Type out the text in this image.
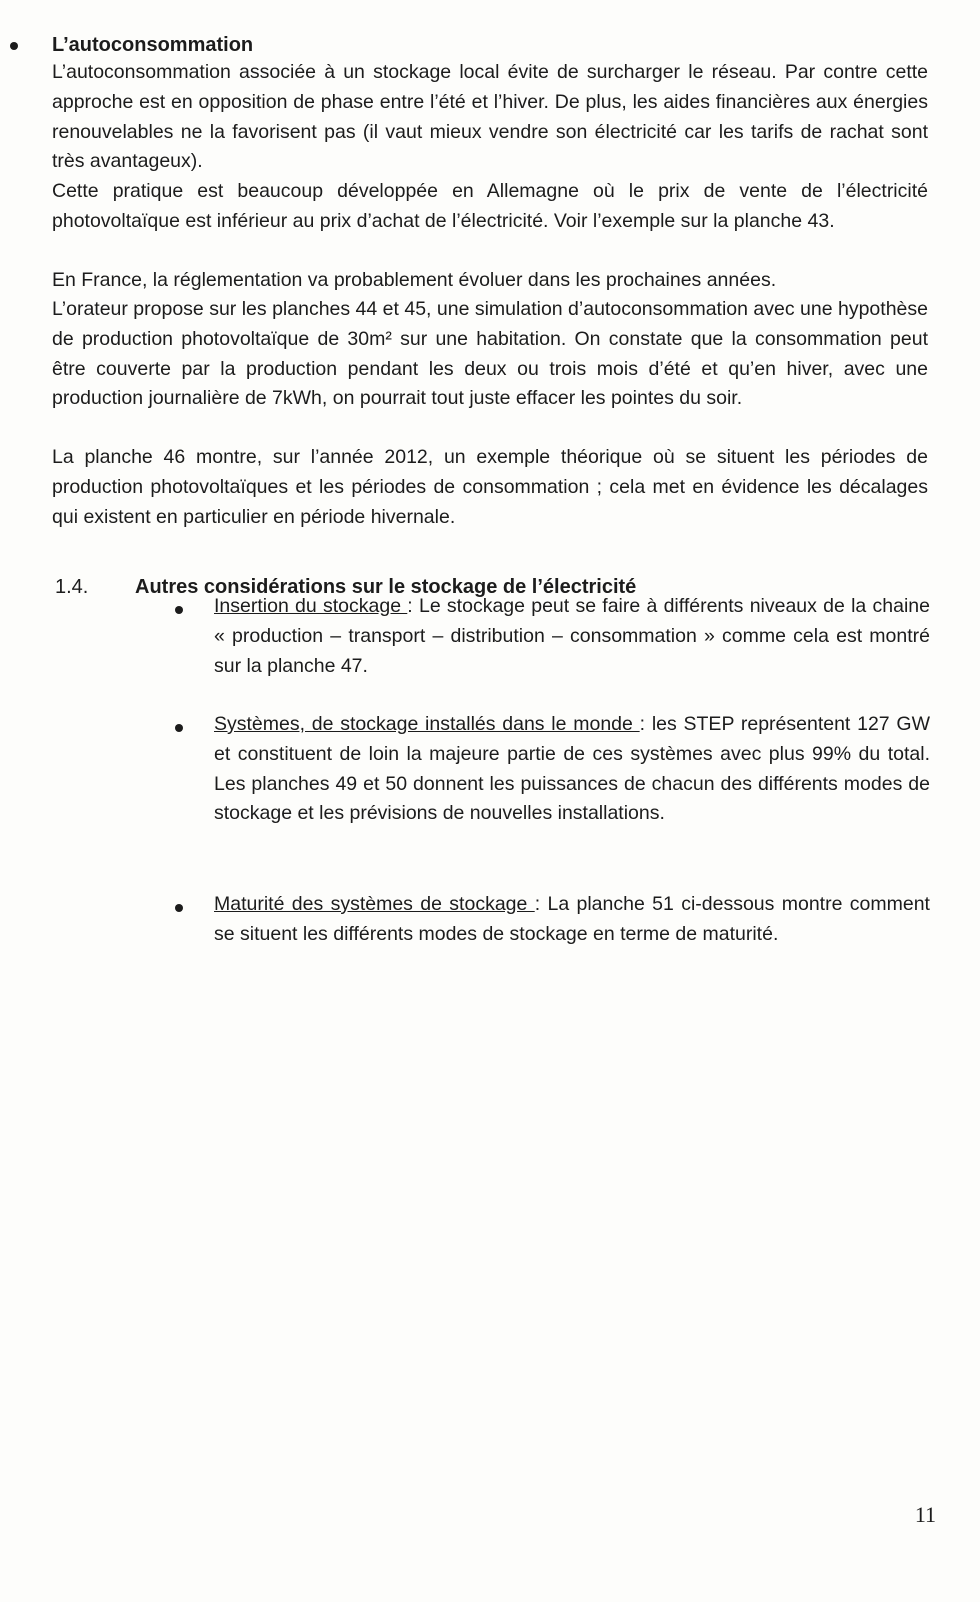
L’autoconsommation

L’autoconsommation associée à un stockage local évite de surcharger le réseau. Par contre cette approche est en opposition de phase entre l’été et l’hiver. De plus, les aides financières aux énergies renouvelables ne la favorisent pas (il vaut mieux vendre son électricité car les tarifs de rachat sont très avantageux).

Cette pratique est beaucoup développée en Allemagne où le prix de vente de l’électricité photovoltaïque est inférieur au prix d’achat de l’électricité. Voir l’exemple sur la planche 43.

En France, la réglementation va probablement évoluer dans les prochaines années.

L’orateur propose sur les planches 44 et 45, une simulation d’autoconsommation avec une hypothèse de production photovoltaïque de 30m² sur une habitation. On constate que la consommation peut être couverte par la production pendant les deux ou trois mois d’été et qu’en hiver, avec une production journalière de 7kWh, on pourrait tout juste effacer les pointes du soir.

La planche 46 montre, sur l’année 2012, un exemple théorique où se situent les périodes de production photovoltaïques et les périodes de consommation ; cela met en évidence les décalages qui existent en particulier en période hivernale.

1.4. Autres considérations sur le stockage de l’électricité

Insertion du stockage : Le stockage peut se faire à différents niveaux de la chaine « production – transport – distribution – consommation » comme cela est montré sur la planche 47.

Systèmes, de stockage installés dans le monde : les STEP représentent 127 GW et constituent de loin la majeure partie de ces systèmes avec plus 99% du total. Les planches 49 et 50 donnent les puissances de chacun des différents modes de stockage et les prévisions de nouvelles installations.

Maturité des systèmes de stockage : La planche 51 ci-dessous montre comment se situent les différents modes de stockage en terme de maturité.

11
